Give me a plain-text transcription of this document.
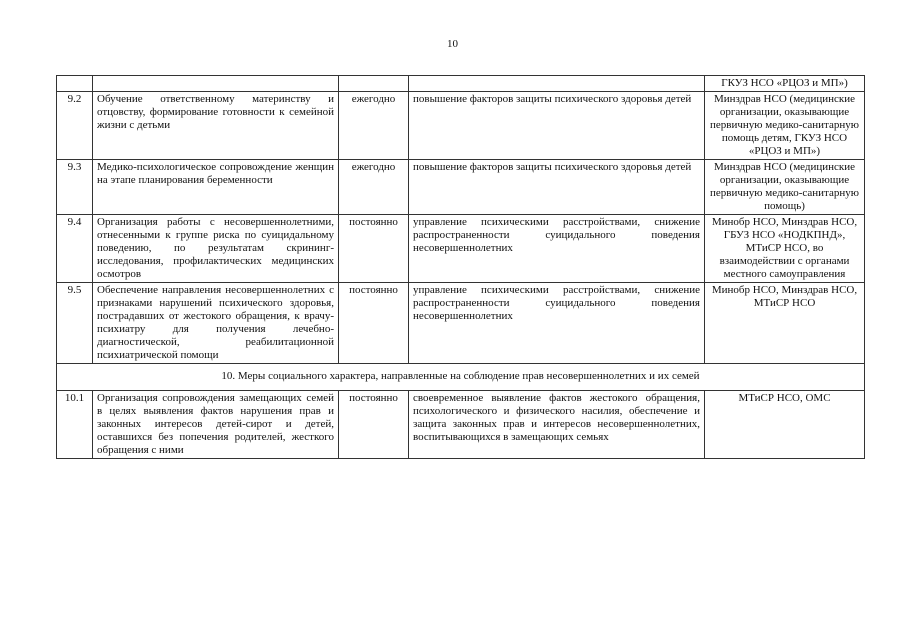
10
				ГКУЗ НСО «РЦОЗ и МП»)
9.2	Обучение ответственному материнству и отцовству, формирование готовности к семейной жизни с детьми	ежегодно	повышение факторов защиты психического здоровья детей	Минздрав НСО (медицинские организации, оказывающие первичную медико-санитарную помощь детям, ГКУЗ НСО «РЦОЗ и МП»)
9.3	Медико-психологическое сопровождение женщин на этапе планирования беременности	ежегодно	повышение факторов защиты психического здоровья детей	Минздрав НСО (медицинские организации, оказывающие первичную медико-санитарную помощь)
9.4	Организация работы с несовершеннолетними, отнесенными к группе риска по суицидальному поведению, по результатам скрининг-исследования, профилактических медицинских осмотров	постоянно	управление психическими расстройствами, снижение распространенности суицидального поведения несовершеннолетних	Минобр НСО, Минздрав НСО, ГБУЗ НСО «НОДКПНД», МТиСР НСО, во взаимодействии с органами местного самоуправления
9.5	Обеспечение направления несовершеннолетних с признаками нарушений психического здоровья, пострадавших от жестокого обращения, к врачу-психиатру для получения лечебно-диагностической, реабилитационной психиатрической помощи	постоянно	управление психическими расстройствами, снижение распространенности суицидального поведения несовершеннолетних	Минобр НСО, Минздрав НСО, МТиСР НСО
10. Меры социального характера, направленные на соблюдение прав несовершеннолетних и их семей				
10.1	Организация сопровождения замещающих семей в целях выявления фактов нарушения прав и законных интересов детей-сирот и детей, оставшихся без попечения родителей, жесткого обращения с ними	постоянно	своевременное выявление фактов жестокого обращения, психологического и физического насилия, обеспечение и защита законных прав и интересов несовершеннолетних, воспитывающихся в замещающих семьях	МТиСР НСО, ОМС
